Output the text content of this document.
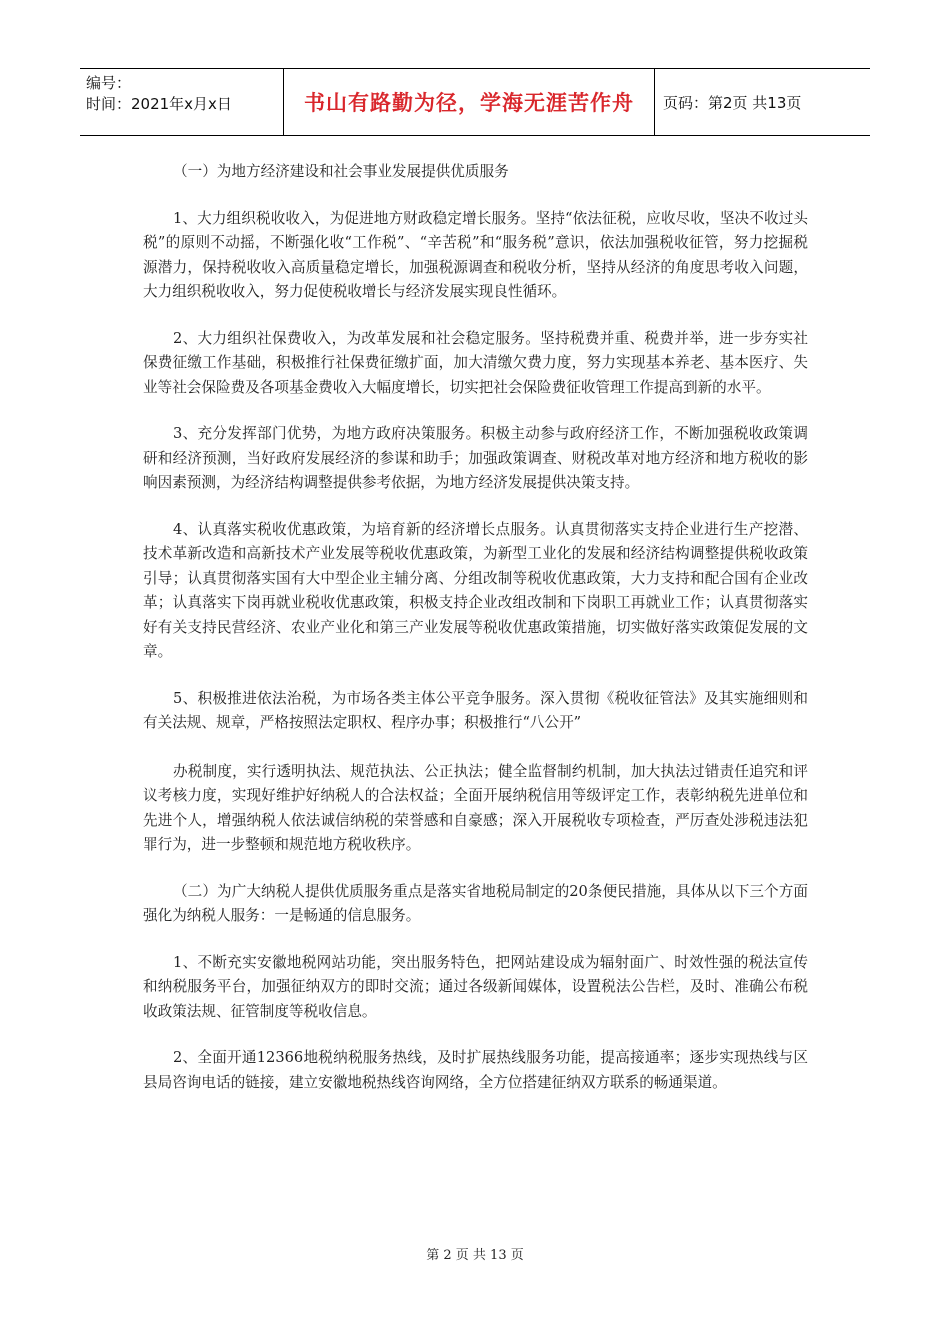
编号：
时间：2021年x月x日	书山有路勤为径，学海无涯苦作舟 页码：第2页 共13页

（一）为地方经济建设和社会事业发展提供优质服务

1、大力组织税收收入，为促进地方财政稳定增长服务。坚持“依法征税，应收尽收，坚决不收过头税”的原则不动摇，不断强化收“工作税”、“辛苦税”和“服务税”意识，依法加强税收征管，努力挖掘税源潜力，保持税收收入高质量稳定增长，加强税源调查和税收分析，坚持从经济的角度思考收入问题，大力组织税收收入，努力促使税收增长与经济发展实现良性循环。

2、大力组织社保费收入，为改革发展和社会稳定服务。坚持税费并重、税费并举，进一步夯实社保费征缴工作基础，积极推行社保费征缴扩面，加大清缴欠费力度，努力实现基本养老、基本医疗、失业等社会保险费及各项基金费收入大幅度增长，切实把社会保险费征收管理工作提高到新的水平。

3、充分发挥部门优势，为地方政府决策服务。积极主动参与政府经济工作，不断加强税收政策调研和经济预测，当好政府发展经济的参谋和助手；加强政策调查、财税改革对地方经济和地方税收的影响因素预测，为经济结构调整提供参考依据，为地方经济发展提供决策支持。

4、认真落实税收优惠政策，为培育新的经济增长点服务。认真贯彻落实支持企业进行生产挖潜、技术革新改造和高新技术产业发展等税收优惠政策，为新型工业化的发展和经济结构调整提供税收政策引导；认真贯彻落实国有大中型企业主辅分离、分组改制等税收优惠政策，大力支持和配合国有企业改革；认真落实下岗再就业税收优惠政策，积极支持企业改组改制和下岗职工再就业工作；认真贯彻落实好有关支持民营经济、农业产业化和第三产业发展等税收优惠政策措施，切实做好落实政策促发展的文章。

5、积极推进依法治税，为市场各类主体公平竞争服务。深入贯彻《税收征管法》及其实施细则和有关法规、规章，严格按照法定职权、程序办事；积极推行“八公开”

办税制度，实行透明执法、规范执法、公正执法；健全监督制约机制，加大执法过错责任追究和评议考核力度，实现好维护好纳税人的合法权益；全面开展纳税信用等级评定工作，表彰纳税先进单位和先进个人，增强纳税人依法诚信纳税的荣誉感和自豪感；深入开展税收专项检查，严厉查处涉税违法犯罪行为，进一步整顿和规范地方税收秩序。

（二）为广大纳税人提供优质服务重点是落实省地税局制定的20条便民措施，具体从以下三个方面强化为纳税人服务：一是畅通的信息服务。

1、不断充实安徽地税网站功能，突出服务特色，把网站建设成为辐射面广、时效性强的税法宣传和纳税服务平台，加强征纳双方的即时交流；通过各级新闻媒体，设置税法公告栏，及时、准确公布税收政策法规、征管制度等税收信息。

2、全面开通12366地税纳税服务热线，及时扩展热线服务功能，提高接通率；逐步实现热线与区县局咨询电话的链接，建立安徽地税热线咨询网络，全方位搭建征纳双方联系的畅通渠道。

第 2 页 共 13 页
